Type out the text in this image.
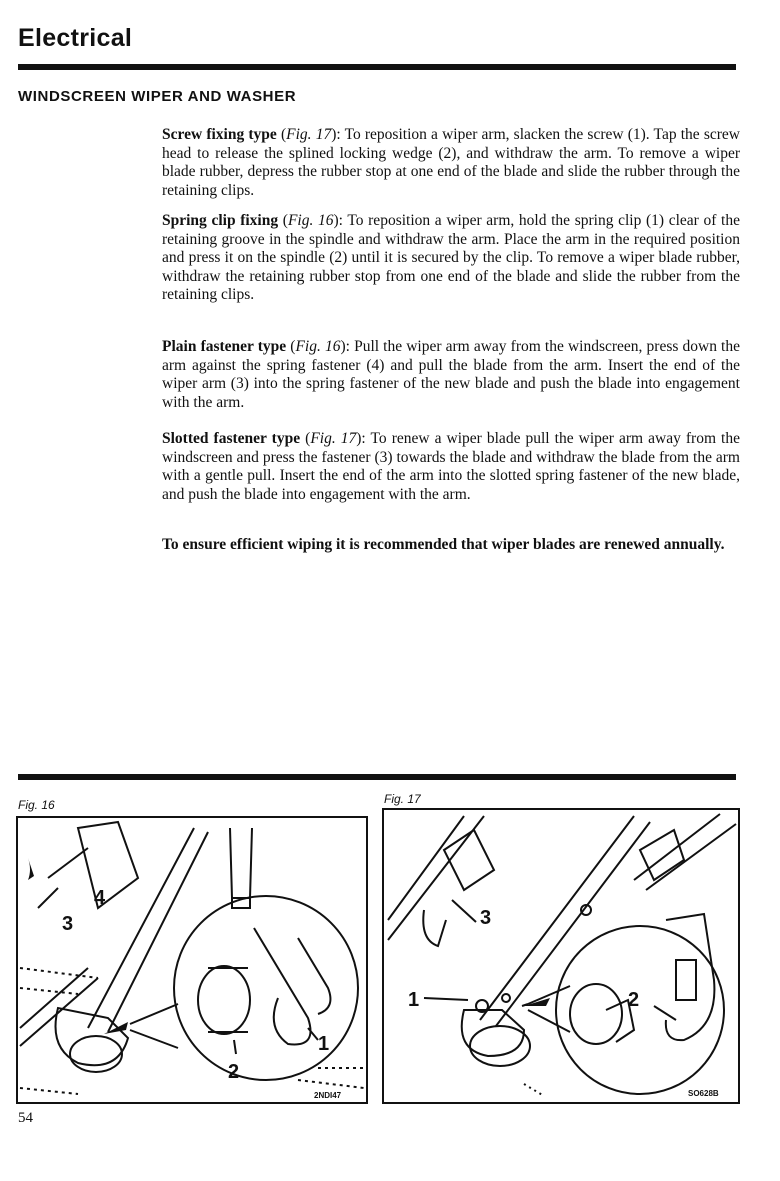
Electrical
WINDSCREEN WIPER AND WASHER
Screw fixing type (Fig. 17): To reposition a wiper arm, slacken the screw (1). Tap the screw head to release the splined locking wedge (2), and withdraw the arm. To remove a wiper blade rubber, depress the rubber stop at one end of the blade and slide the rubber through the retaining clips.
Spring clip fixing (Fig. 16): To reposition a wiper arm, hold the spring clip (1) clear of the retaining groove in the spindle and withdraw the arm. Place the arm in the required position and press it on the spindle (2) until it is secured by the clip. To remove a wiper blade rubber, withdraw the retaining rubber stop from one end of the blade and slide the rubber from the retaining clips.
Plain fastener type (Fig. 16): Pull the wiper arm away from the windscreen, press down the arm against the spring fastener (4) and pull the blade from the arm. Insert the end of the wiper arm (3) into the spring fastener of the new blade and push the blade into engagement with the arm.
Slotted fastener type (Fig. 17): To renew a wiper blade pull the wiper arm away from the windscreen and press the fastener (3) towards the blade and withdraw the blade from the arm with a gentle pull. Insert the end of the arm into the slotted spring fastener of the new blade, and push the blade into engagement with the arm.
To ensure efficient wiping it is recommended that wiper blades are renewed annually.
Fig. 16	Fig. 17
4
3
1
2
2NDI47
3
1	2
SO628B
54
